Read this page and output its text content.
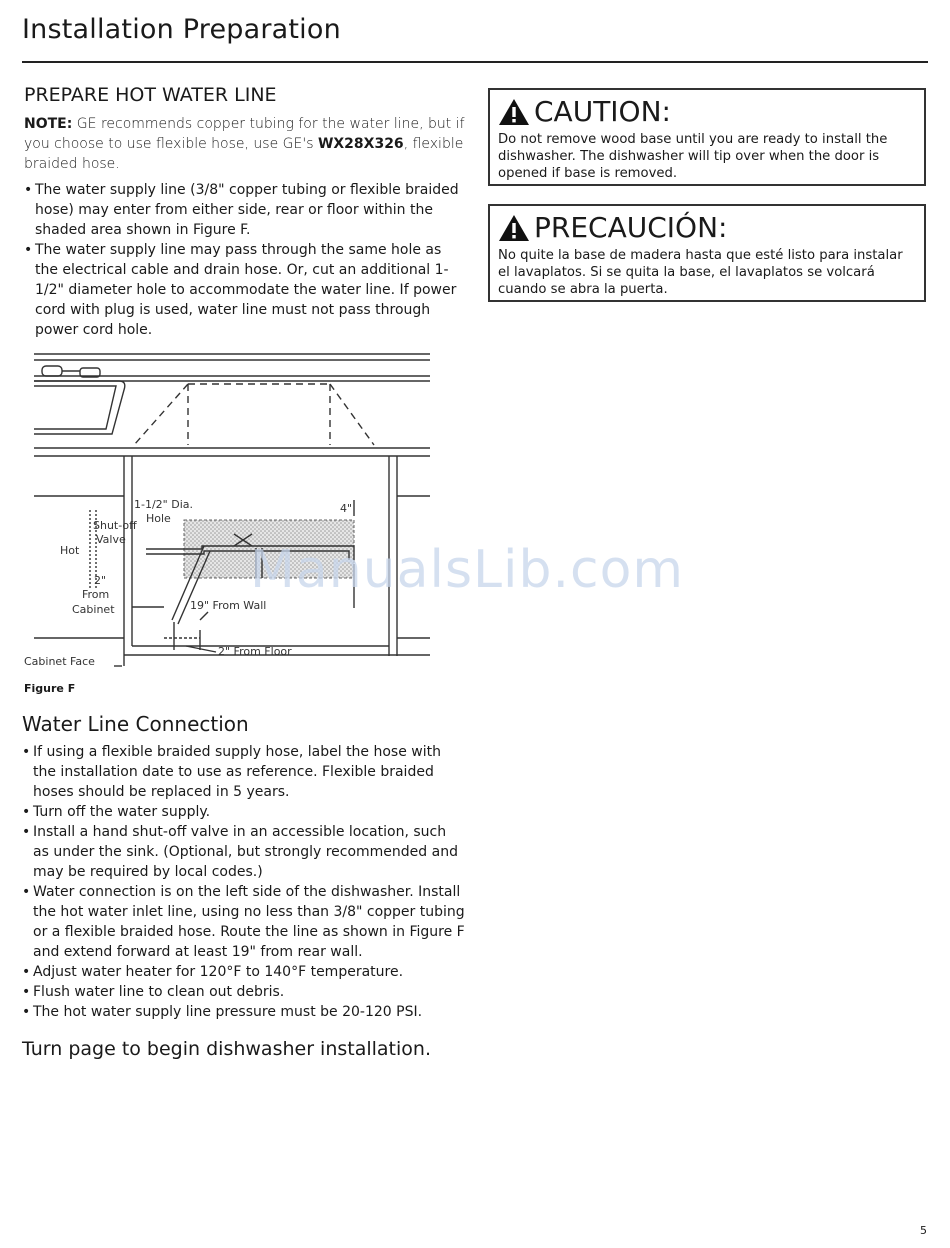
Installation Preparation
PREPARE HOT WATER LINE

NOTE: GE recommends copper tubing for the water line, but if you choose to use flexible hose, use GE's WX28X326, flexible braided hose.

• The water supply line (3/8" copper tubing or flexible braided hose) may enter from either side, rear or floor within the shaded area shown in Figure F.
• The water supply line may pass through the same hole as the electrical cable and drain hose. Or, cut an additional 1-1/2" diameter hole to accommodate the water line. If power cord with plug is used, water line must not pass through power cord hole.
1-1/2" Dia.
Hole
4"
Shut-off
Valve
Hot
2"
From
Cabinet	19" From Wall
2" From Floor
Cabinet Face
Figure F
Water Line Connection
• If using a flexible braided supply hose, label the hose with the installation date to use as reference. Flexible braided hoses should be replaced in 5 years.
• Turn off the water supply.
• Install a hand shut-off valve in an accessible location, such as under the sink. (Optional, but strongly recommended and may be required by local codes.)
• Water connection is on the left side of the dishwasher. Install the hot water inlet line, using no less than 3/8" copper tubing or a flexible braided hose. Route the line as shown in Figure F and extend forward at least 19" from rear wall.
• Adjust water heater for 120°F to 140°F temperature.
• Flush water line to clean out debris.
• The hot water supply line pressure must be 20-120 PSI.
Turn page to begin dishwasher installation.
CAUTION:
Do not remove wood base until you are ready to install the dishwasher. The dishwasher will tip over when the door is opened if base is removed.
PRECAUCIÓN:
No quite la base de madera hasta que esté listo para instalar el lavaplatos. Si se quita la base, el lavaplatos se volcará cuando se abra la puerta.
ManualsLib.com
5
